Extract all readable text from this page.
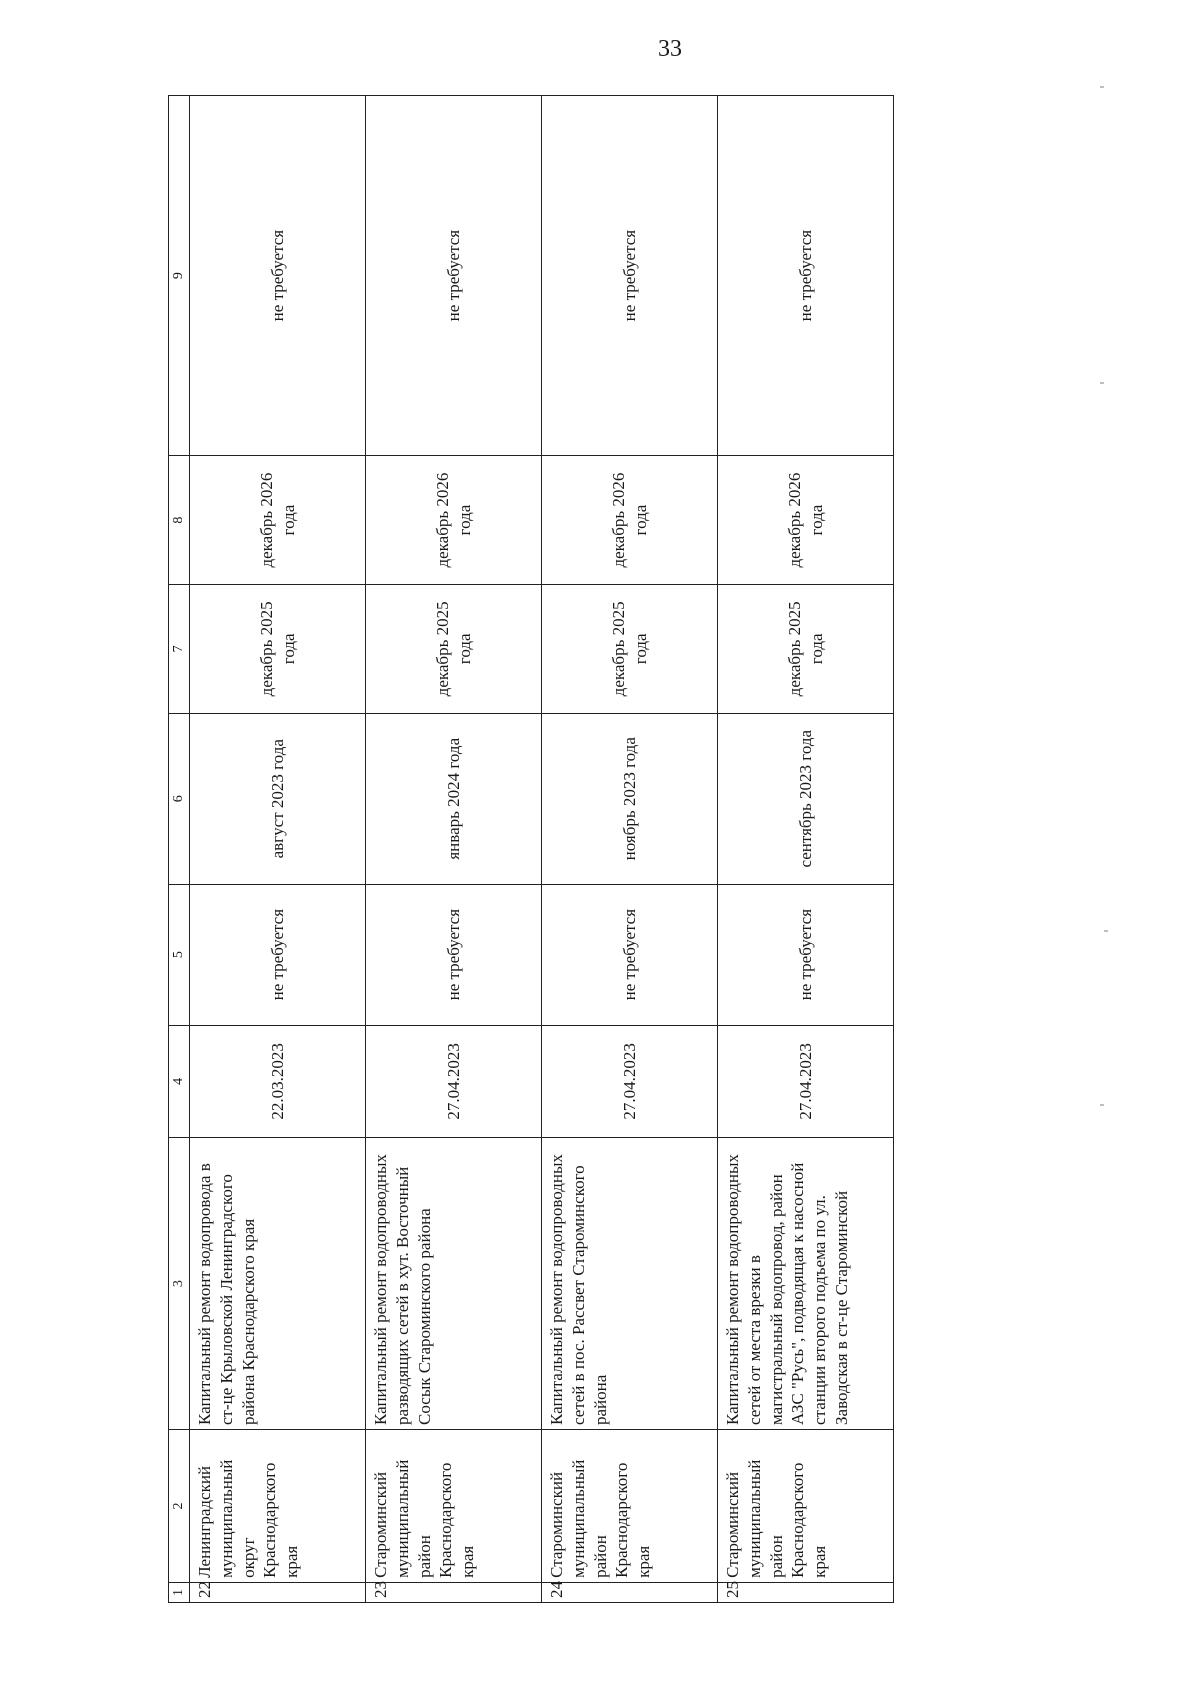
33
1	2	3	4	5	6	7	8	9
22	Ленинградский муниципальный округ Краснодарского края	Капитальный ремонт водопровода в ст-це Крыловской Ленинградского района Краснодарского края	22.03.2023	не требуется	август 2023 года	декабрь 2025 года	декабрь 2026 года	не требуется
23	Староминский муниципальный район Краснодарского края	Капитальный ремонт водопроводных разводящих сетей в хут. Восточный Сосык Староминского района	27.04.2023	не требуется	январь 2024 года	декабрь 2025 года	декабрь 2026 года	не требуется
24	Староминский муниципальный район Краснодарского края	Капитальный ремонт водопроводных сетей в пос. Рассвет Староминского района	27.04.2023	не требуется	ноябрь 2023 года	декабрь 2025 года	декабрь 2026 года	не требуется
25	Староминский муниципальный район Краснодарского края	Капитальный ремонт водопроводных сетей от места врезки в магистральный водопровод, район АЗС "Русь", подводящая к насосной станции второго подъема по ул. Заводская в ст-це Староминской	27.04.2023	не требуется	сентябрь 2023 года	декабрь 2025 года	декабрь 2026 года	не требуется
